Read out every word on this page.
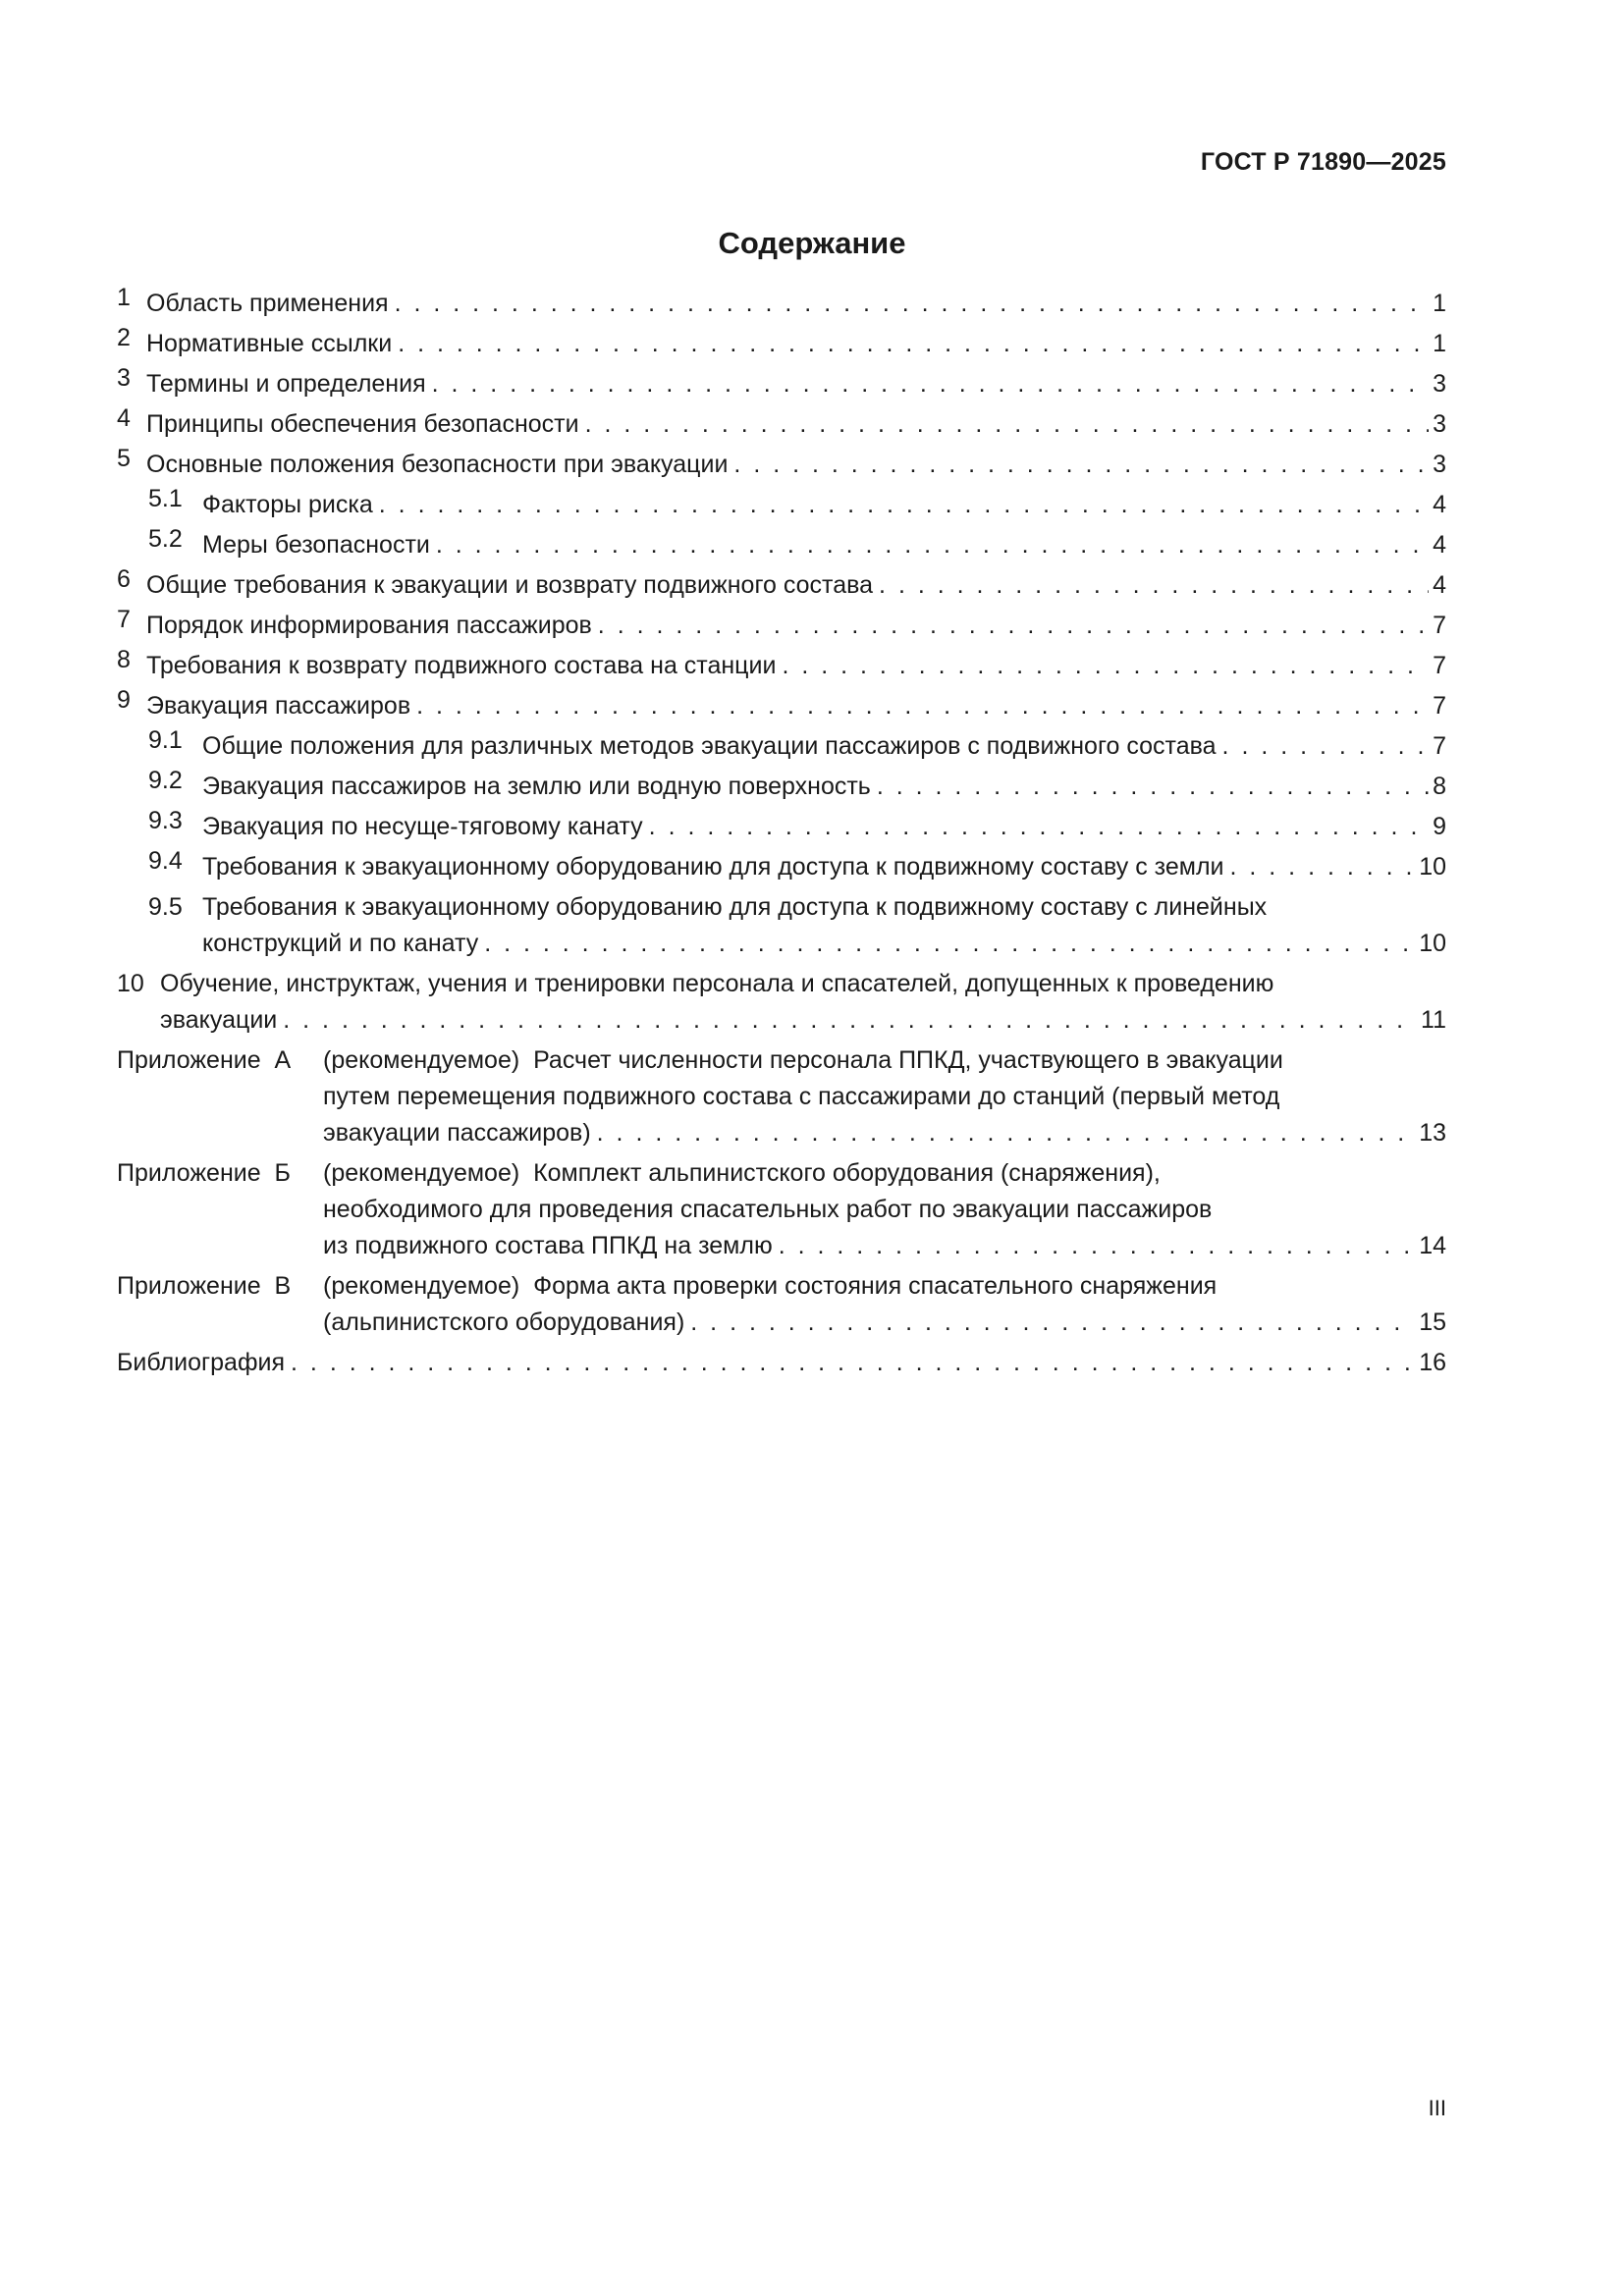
ГОСТ Р 71890—2025
Содержание
1 Область применения . . .	1
2 Нормативные ссылки . . .	1
3 Термины и определения . . .	3
4 Принципы обеспечения безопасности . . .	3
5 Основные положения безопасности при эвакуации . . .	3
5.1 Факторы риска . . .	4
5.2 Меры безопасности . . .	4
6 Общие требования к эвакуации и возврату подвижного состава . . .	4
7 Порядок информирования пассажиров . . .	7
8 Требования к возврату подвижного состава на станции . . .	7
9 Эвакуация пассажиров . . .	7
9.1 Общие положения для различных методов эвакуации пассажиров с подвижного состава . . .	7
9.2 Эвакуация пассажиров на землю или водную поверхность . . .	8
9.3 Эвакуация по несуще-тяговому канату . . .	9
9.4 Требования к эвакуационному оборудованию для доступа к подвижному составу с земли . . .	10
9.5 Требования к эвакуационному оборудованию для доступа к подвижному составу с линейных
конструкций и по канату . . .	10
10 Обучение, инструктаж, учения и тренировки персонала и спасателей, допущенных к проведению
эвакуации . . .	11
Приложение  А	(рекомендуемое)  Расчет численности персонала ППКД, участвующего в эвакуации
путем перемещения подвижного состава с пассажирами до станций (первый метод
эвакуации пассажиров) . . .	13
Приложение  Б	(рекомендуемое)  Комплект альпинистского оборудования (снаряжения),
необходимого для проведения спасательных работ по эвакуации пассажиров
из подвижного состава ППКД на землю . . .	14
Приложение  В	(рекомендуемое)  Форма акта проверки состояния спасательного снаряжения
(альпинистского оборудования) . . .	15
Библиография . . .	16
III
